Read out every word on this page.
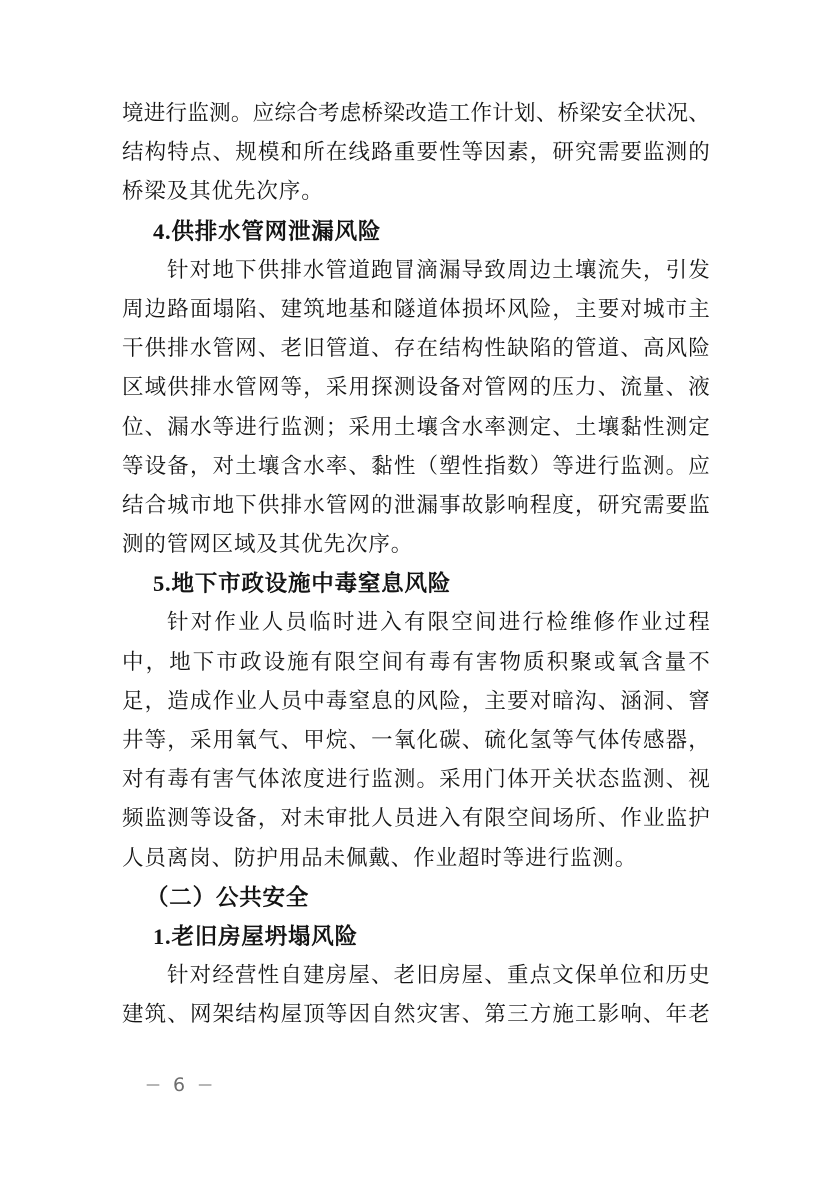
境进行监测。应综合考虑桥梁改造工作计划、桥梁安全状况、
结构特点、规模和所在线路重要性等因素，研究需要监测的
桥梁及其优先次序。
4.供排水管网泄漏风险
针对地下供排水管道跑冒滴漏导致周边土壤流失，引发
周边路面塌陷、建筑地基和隧道体损坏风险，主要对城市主
干供排水管网、老旧管道、存在结构性缺陷的管道、高风险
区域供排水管网等，采用探测设备对管网的压力、流量、液
位、漏水等进行监测；采用土壤含水率测定、土壤黏性测定
等设备，对土壤含水率、黏性（塑性指数）等进行监测。应
结合城市地下供排水管网的泄漏事故影响程度，研究需要监
测的管网区域及其优先次序。
5.地下市政设施中毒窒息风险
针对作业人员临时进入有限空间进行检维修作业过程
中，地下市政设施有限空间有毒有害物质积聚或氧含量不
足，造成作业人员中毒窒息的风险，主要对暗沟、涵洞、窨
井等，采用氧气、甲烷、一氧化碳、硫化氢等气体传感器，
对有毒有害气体浓度进行监测。采用门体开关状态监测、视
频监测等设备，对未审批人员进入有限空间场所、作业监护
人员离岗、防护用品未佩戴、作业超时等进行监测。
（二）公共安全
1.老旧房屋坍塌风险
针对经营性自建房屋、老旧房屋、重点文保单位和历史
建筑、网架结构屋顶等因自然灾害、第三方施工影响、年老
— 6 —
